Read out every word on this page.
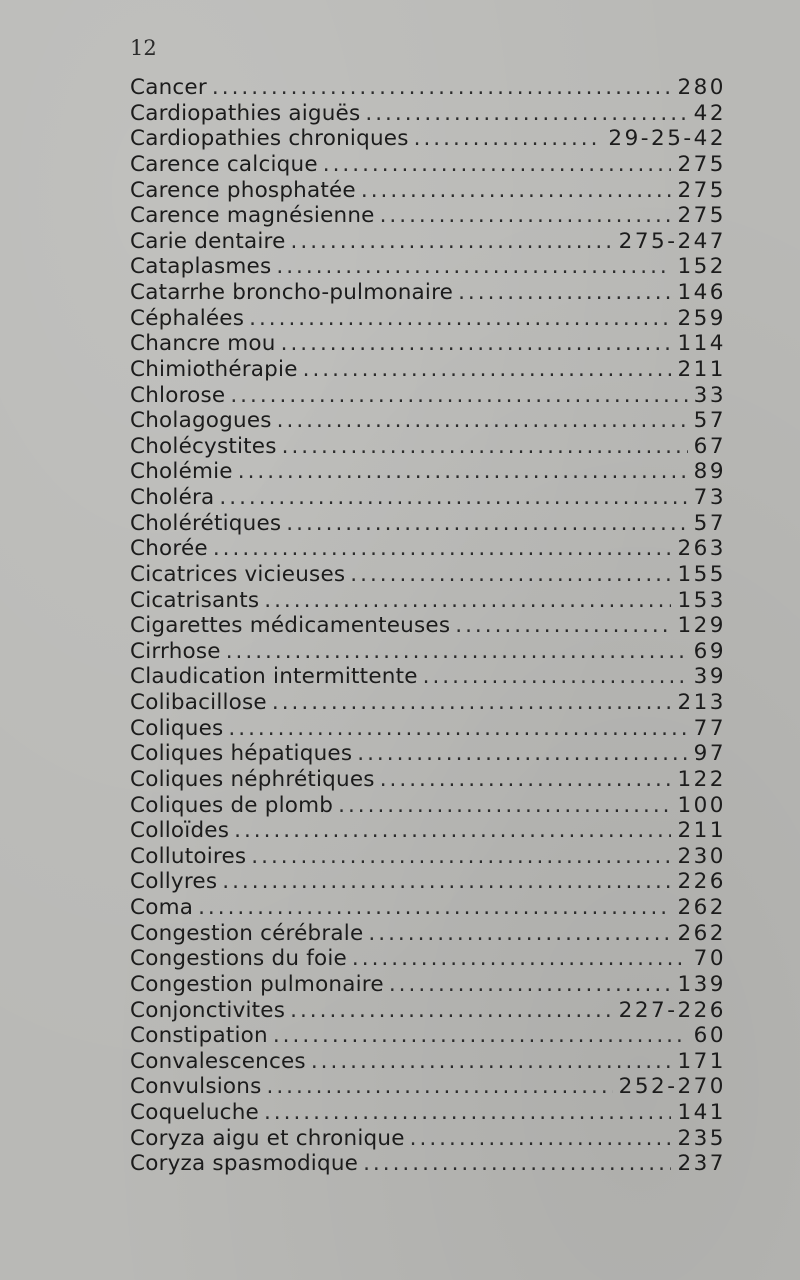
12
Cancer .....	280
Cardiopathies aiguës .....	42
Cardiopathies chroniques .....	29-25-42
Carence calcique .....	275
Carence phosphatée .....	275
Carence magnésienne .....	275
Carie dentaire .....	275-247
Cataplasmes .....	152
Catarrhe broncho-pulmonaire .....	146
Céphalées .....	259
Chancre mou .....	114
Chimiothérapie .....	211
Chlorose .....	33
Cholagogues .....	57
Cholécystites .....	67
Cholémie .....	89
Choléra .....	73
Cholérétiques .....	57
Chorée .....	263
Cicatrices vicieuses .....	155
Cicatrisants .....	153
Cigarettes médicamenteuses .....	129
Cirrhose .....	69
Claudication intermittente .....	39
Colibacillose .....	213
Coliques .....	77
Coliques hépatiques .....	97
Coliques néphrétiques .....	122
Coliques de plomb .....	100
Colloïdes .....	211
Collutoires .....	230
Collyres .....	226
Coma .....	262
Congestion cérébrale .....	262
Congestions du foie .....	70
Congestion pulmonaire .....	139
Conjonctivites .....	227-226
Constipation .....	60
Convalescences .....	171
Convulsions .....	252-270
Coqueluche .....	141
Coryza aigu et chronique .....	235
Coryza spasmodique .....	237
